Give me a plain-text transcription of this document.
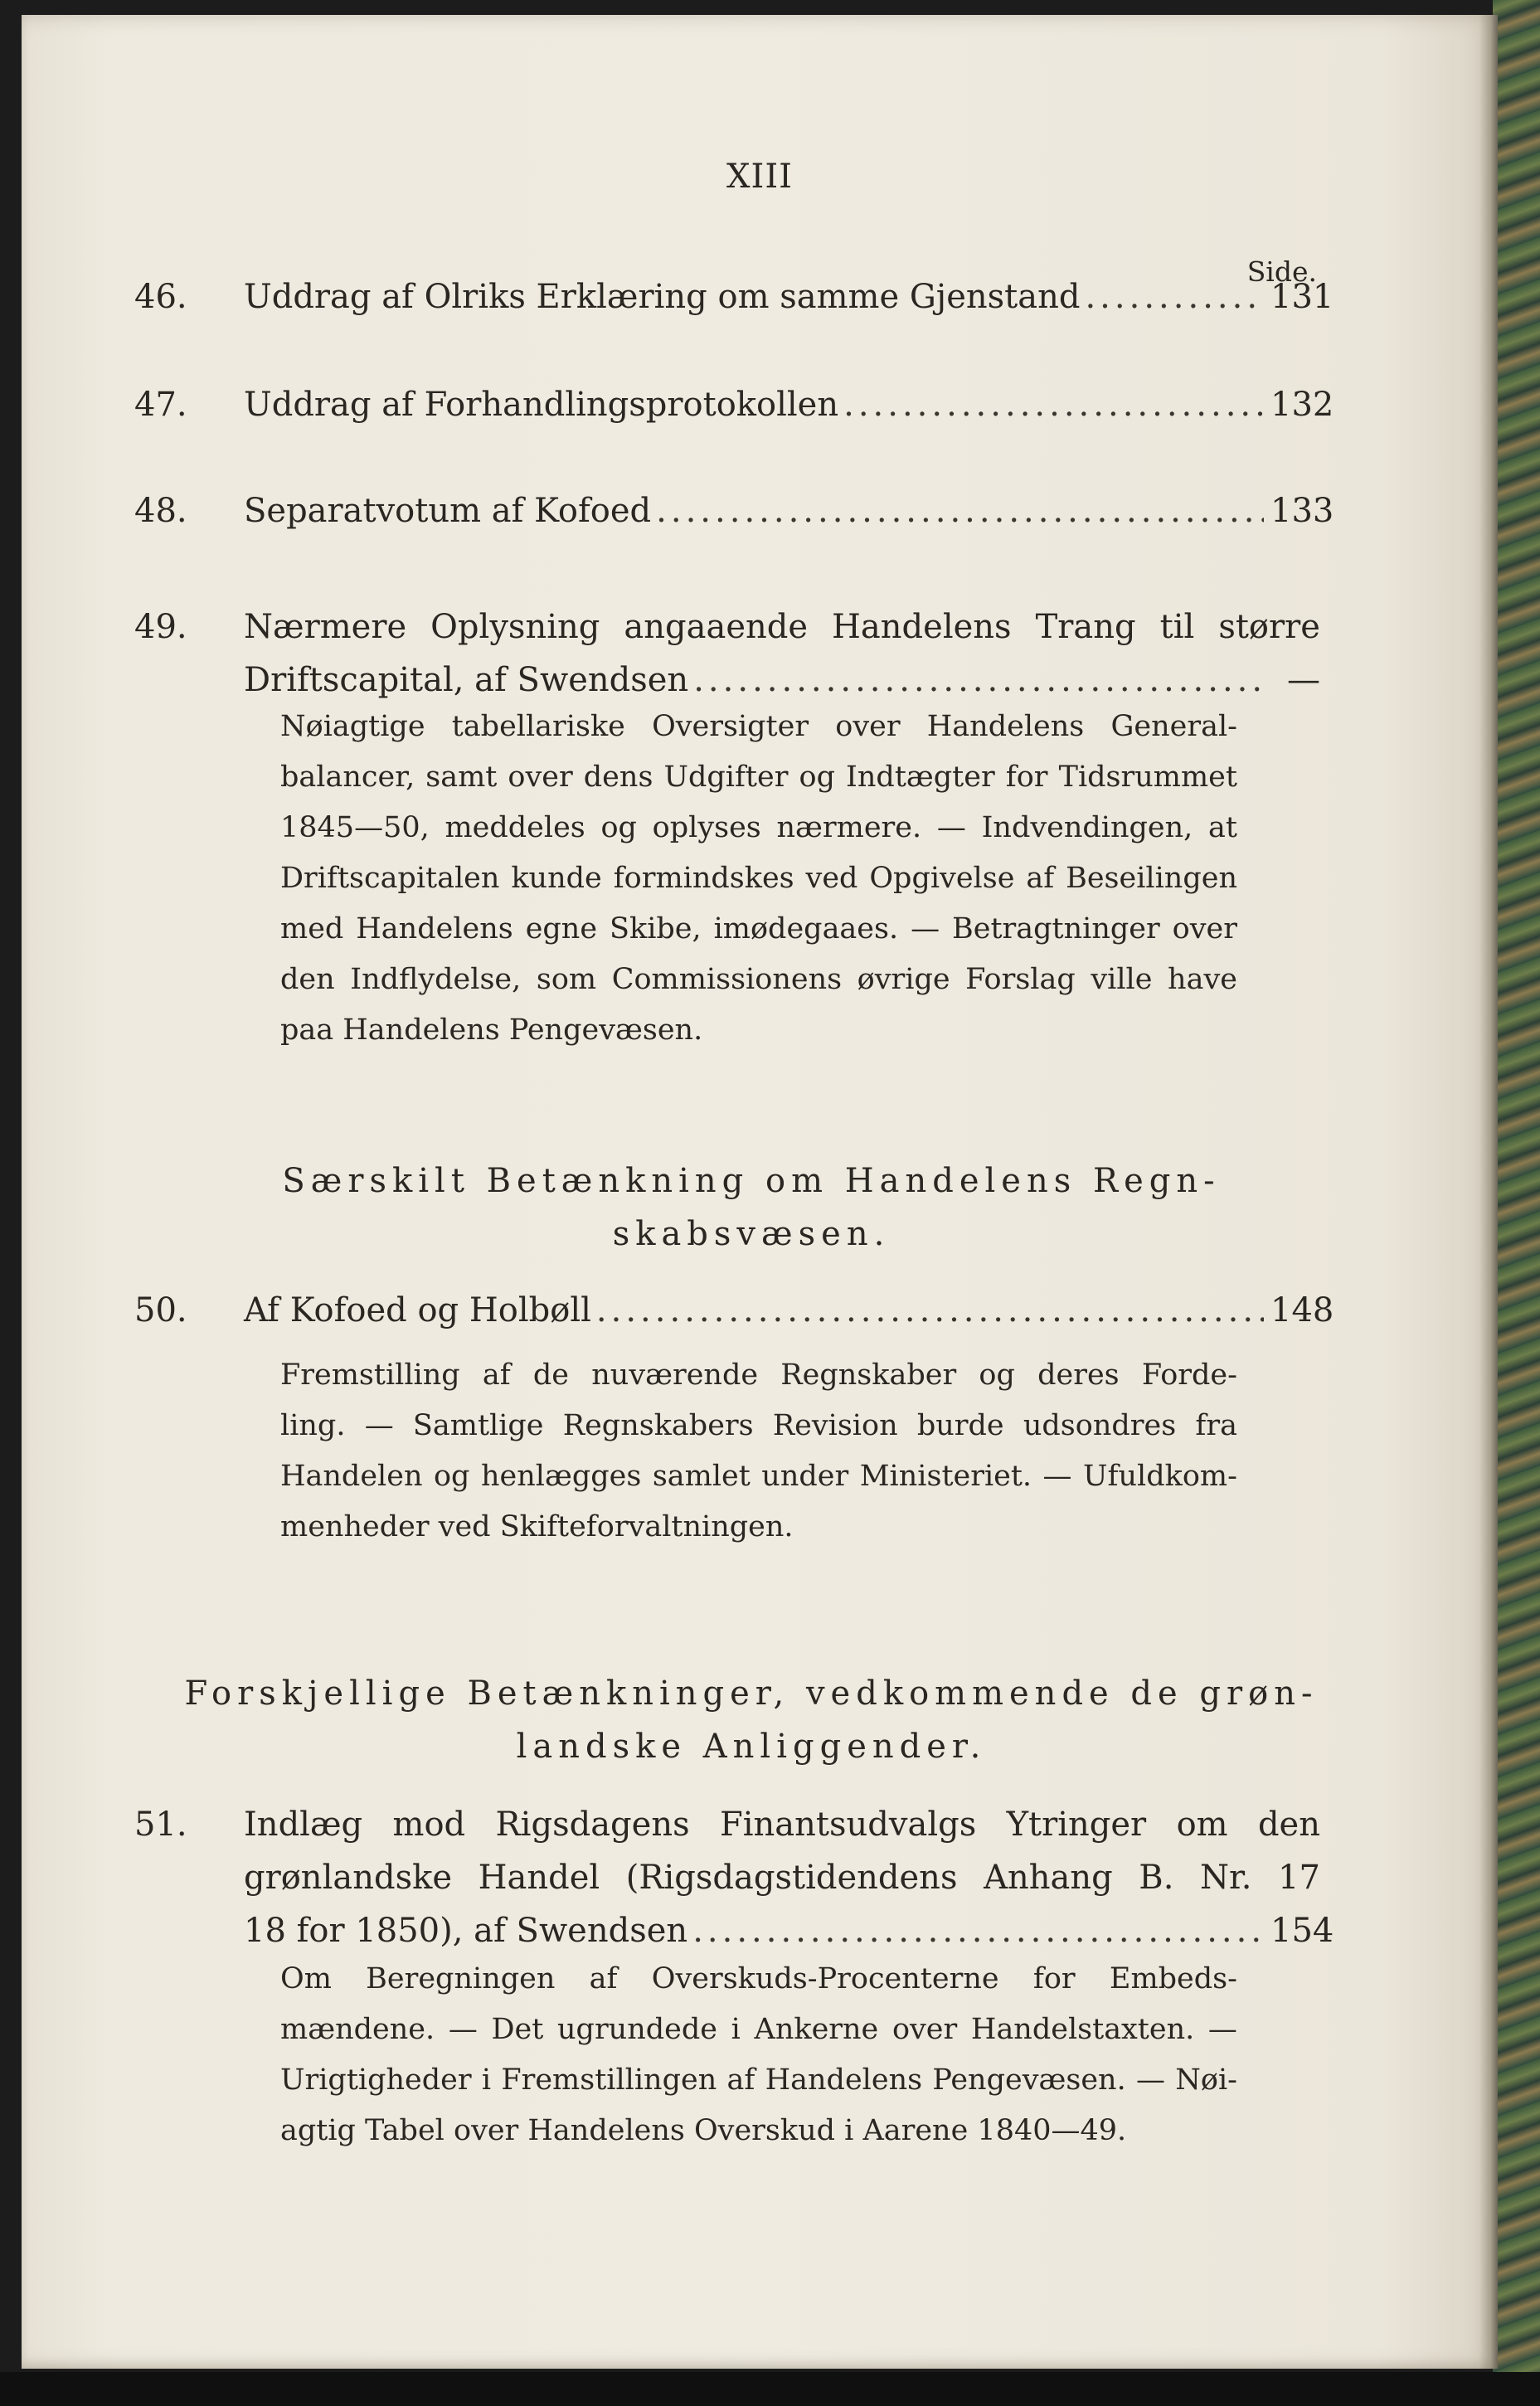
XIII
Side.
46.	Uddrag af Olriks Erklæring om samme Gjenstand .....	131
47.	Uddrag af Forhandlingsprotokollen .....	132
48.	Separatvotum af Kofoed .....	133
49.	Nærmere Oplysning angaaende Handelens Trang til større
Driftscapital, af Swendsen .....	—
Nøiagtige tabellariske Oversigter over Handelens General-
balancer, samt over dens Udgifter og Indtægter for Tidsrummet
1845—50, meddeles og oplyses nærmere. — Indvendingen, at
Driftscapitalen kunde formindskes ved Opgivelse af Beseilingen
med Handelens egne Skibe, imødegaaes. — Betragtninger over
den Indflydelse, som Commissionens øvrige Forslag ville have
paa Handelens Pengevæsen.
Særskilt Betænkning om Handelens Regn-
skabsvæsen.
50.	Af Kofoed og Holbøll .....	148
Fremstilling af de nuværende Regnskaber og deres Forde-
ling. — Samtlige Regnskabers Revision burde udsondres fra
Handelen og henlægges samlet under Ministeriet. — Ufuldkom-
menheder ved Skifteforvaltningen.
Forskjellige Betænkninger, vedkommende de grøn-
landske Anliggender.
51.	Indlæg mod Rigsdagens Finantsudvalgs Ytringer om den
grønlandske Handel (Rigsdagstidendens Anhang B. Nr. 17
18 for 1850), af Swendsen .....	154
Om Beregningen af Overskuds-Procenterne for Embeds-
mændene. — Det ugrundede i Ankerne over Handelstaxten. —
Urigtigheder i Fremstillingen af Handelens Pengevæsen. — Nøi-
agtig Tabel over Handelens Overskud i Aarene 1840—49.
